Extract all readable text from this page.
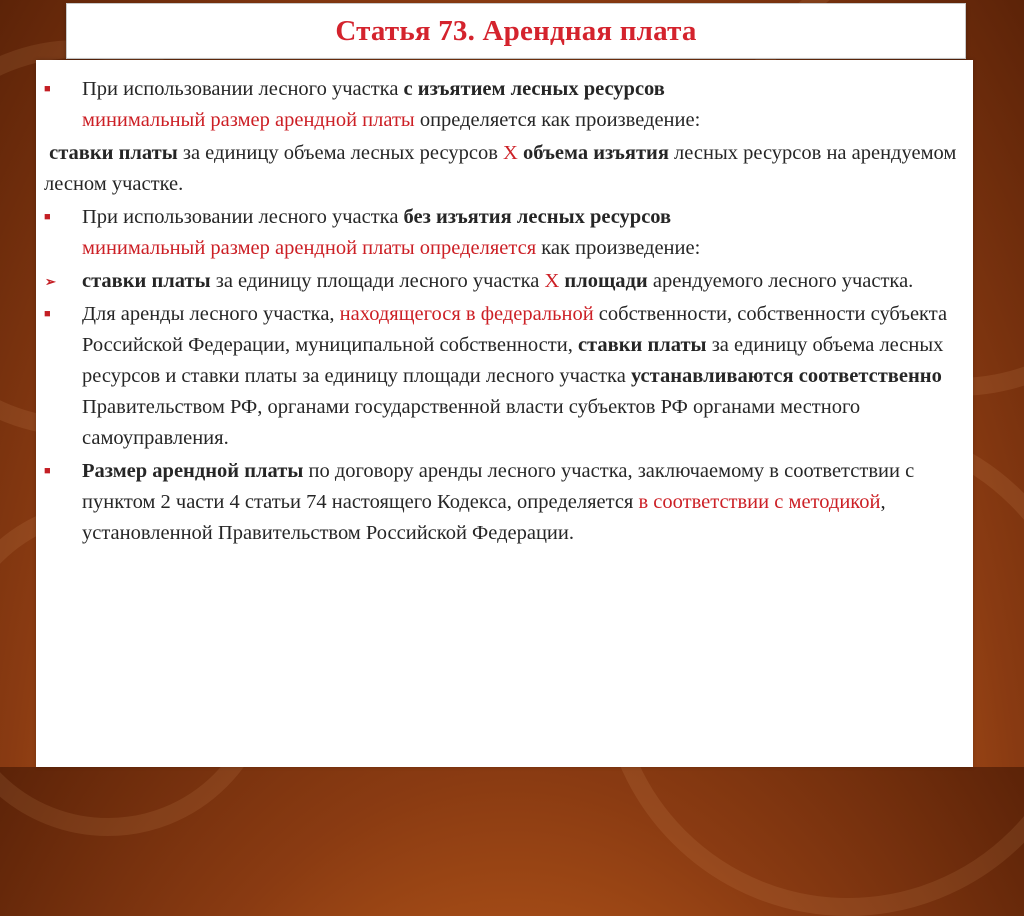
Статья 73. Арендная плата
■	При использовании лесного участка с изъятием лесных ресурсов
минимальный размер арендной платы определяется как произведение:
ставки платы за единицу объема лесных ресурсов Х объема изъятия лесных ресурсов на арендуемом лесном участке.
■	При использовании лесного участка без изъятия лесных ресурсов
минимальный размер арендной платы определяется как произведение:
➢	ставки платы за единицу площади лесного участка Х площади арендуемого лесного участка.
■	Для аренды лесного участка, находящегося в федеральной собственности, собственности субъекта Российской Федерации, муниципальной собственности, ставки платы за единицу объема лесных ресурсов и ставки платы за единицу площади лесного участка устанавливаются соответственно Правительством РФ, органами государственной власти субъектов РФ органами местного самоуправления.
■	Размер арендной платы по договору аренды лесного участка, заключаемому в соответствии с пунктом 2 части 4 статьи 74 настоящего Кодекса, определяется в соответствии с методикой, установленной Правительством Российской Федерации.
